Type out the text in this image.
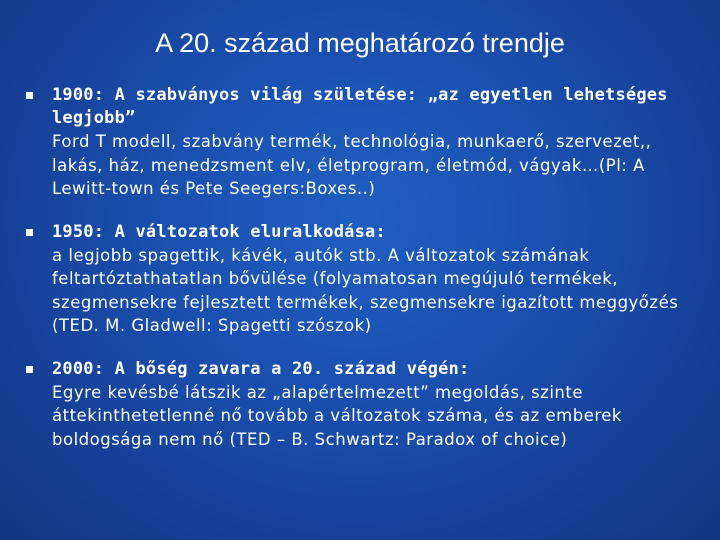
A 20. század meghatározó trendje
1900: A szabványos világ születése: „az egyetlen lehetséges legjobb”
Ford T modell, szabvány termék, technológia, munkaerő, szervezet,, lakás, ház, menedzsment elv, életprogram, életmód, vágyak…(Pl: A Lewitt-town és Pete Seegers:Boxes..)
1950: A változatok eluralkodása:
a legjobb spagettik, kávék, autók stb. A változatok számának feltartóztathatatlan bővülése (folyamatosan megújuló termékek, szegmensekre fejlesztett termékek, szegmensekre igazított meggyőzés (TED. M. Gladwell: Spagetti szószok)
2000: A bőség zavara a 20. század végén:
Egyre kevésbé látszik az „alapértelmezett” megoldás, szinte áttekinthetetlenné nő tovább a változatok száma, és az emberek boldogsága nem nő (TED – B. Schwartz: Paradox of choice)
